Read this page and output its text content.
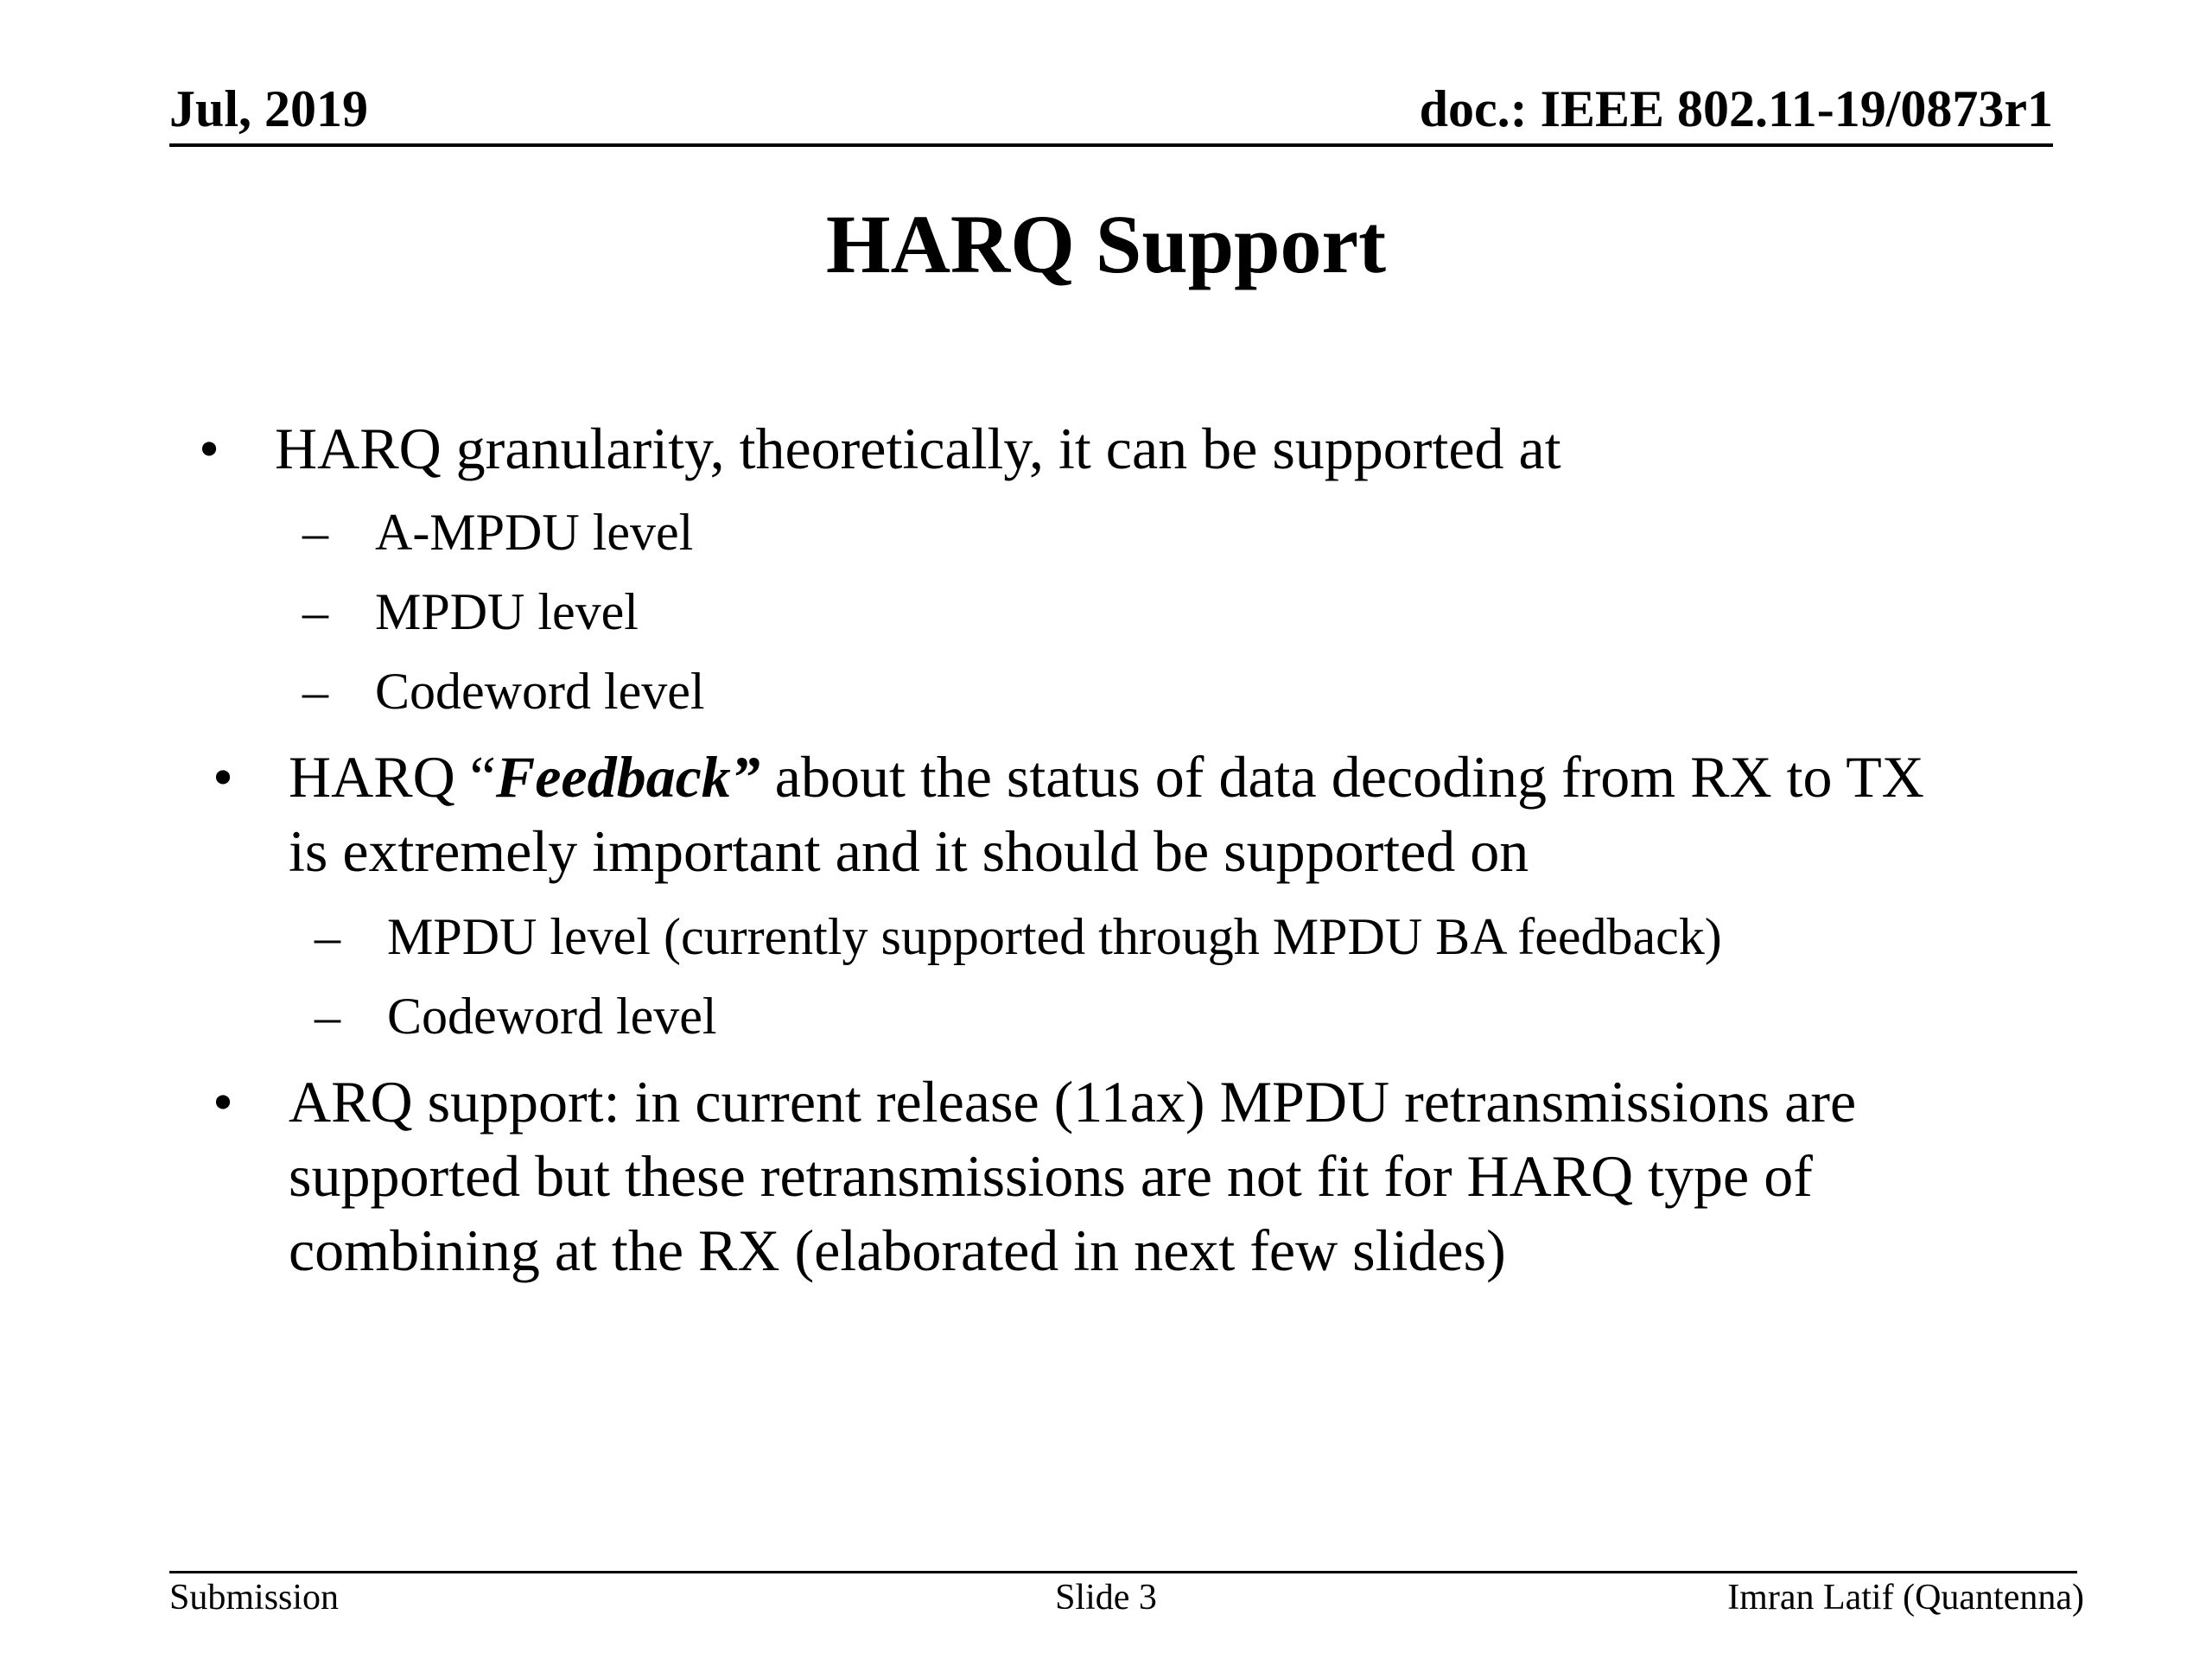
Jul, 2019	doc.: IEEE 802.11-19/0873r1
HARQ Support
• HARQ granularity, theoretically, it can be supported at
– A-MPDU level
– MPDU level
– Codeword level
• HARQ “Feedback” about the status of data decoding from RX to TX
is extremely important and it should be supported on
– MPDU level (currently supported through MPDU BA feedback)
– Codeword level
• ARQ support: in current release (11ax) MPDU retransmissions are
supported but these retransmissions are not fit for HARQ type of
combining at the RX (elaborated in next few slides)
Submission	Slide 3	Imran Latif (Quantenna)
